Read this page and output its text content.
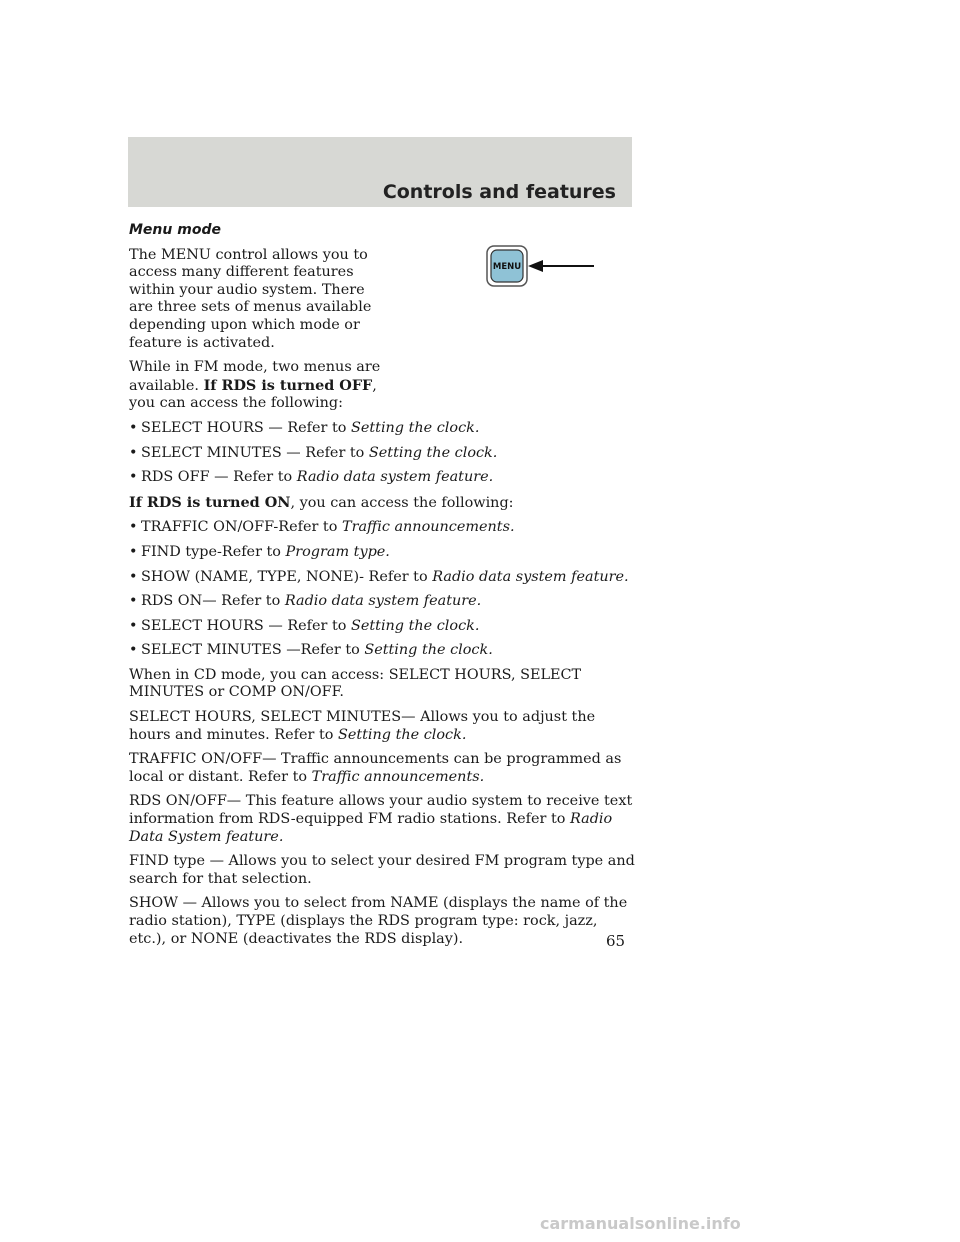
Controls and features
MENU
Menu mode

The MENU control allows you to access many different features within your audio system. There are three sets of menus available depending upon which mode or feature is activated.

While in FM mode, two menus are available. If RDS is turned OFF, you can access the following:

• SELECT HOURS — Refer to Setting the clock.
• SELECT MINUTES — Refer to Setting the clock.
• RDS OFF — Refer to Radio data system feature.

If RDS is turned ON, you can access the following:

• TRAFFIC ON/OFF-Refer to Traffic announcements.
• FIND type-Refer to Program type.
• SHOW (NAME, TYPE, NONE)- Refer to Radio data system feature.
• RDS ON— Refer to Radio data system feature.
• SELECT HOURS — Refer to Setting the clock.
• SELECT MINUTES —Refer to Setting the clock.

When in CD mode, you can access: SELECT HOURS, SELECT MINUTES or COMP ON/OFF.

SELECT HOURS, SELECT MINUTES— Allows you to adjust the hours and minutes. Refer to Setting the clock.

TRAFFIC ON/OFF— Traffic announcements can be programmed as local or distant. Refer to Traffic announcements.

RDS ON/OFF— This feature allows your audio system to receive text information from RDS-equipped FM radio stations. Refer to Radio Data System feature.

FIND type — Allows you to select your desired FM program type and search for that selection.

SHOW — Allows you to select from NAME (displays the name of the radio station), TYPE (displays the RDS program type: rock, jazz, etc.), or NONE (deactivates the RDS display).	65
carmanualsonline.info
